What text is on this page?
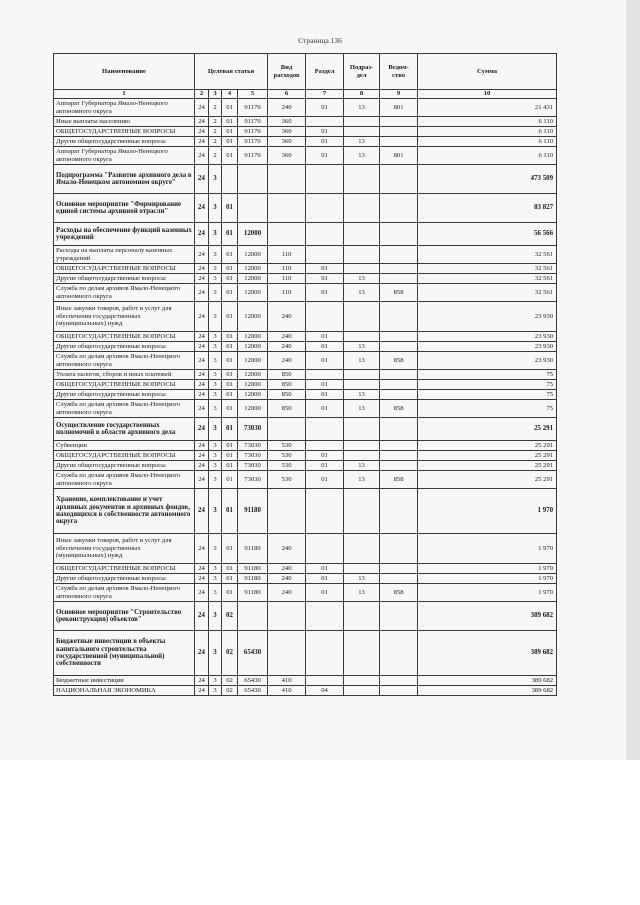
Страница 136
Наименование	Целевая статья				Вид расходов	Раздел	Подраз-дел	Ведом-ство	Сумма
1	2	3	4	5	6	7	8	9	10
Аппарат Губернатора Ямало-Ненецкого автономного округа	24	2	01	91170	240	01	13	801	21 431
Иные выплаты населению	24	2	01	91170	360				6 110
ОБЩЕГОСУДАРСТВЕННЫЕ ВОПРОСЫ	24	2	01	91170	360	01			6 110
Другие общегосударственные вопросы	24	2	01	91170	360	01	13		6 110
Аппарат Губернатора Ямало-Ненецкого автономного округа	24	2	01	91170	360	01	13	801	6 110
Подпрограмма "Развитие архивного дела в Ямало-Ненецком автономном округе"	24	3							473 509
Основное мероприятие "Формирование единой системы архивной отрасли"	24	3	01						83 827
Расходы на обеспечение функций казенных учреждений	24	3	01	12000					56 566
Расходы на выплаты персоналу казенных учреждений	24	3	01	12000	110				32 561
ОБЩЕГОСУДАРСТВЕННЫЕ ВОПРОСЫ	24	3	01	12000	110	01			32 561
Другие общегосударственные вопросы	24	3	01	12000	110	01	13		32 561
Служба по делам архивов Ямало-Ненецкого автономного округа	24	3	01	12000	110	01	13	858	32 561
Иные закупки товаров, работ и услуг для обеспечения государственных (муниципальных) нужд	24	3	01	12000	240				23 930
ОБЩЕГОСУДАРСТВЕННЫЕ ВОПРОСЫ	24	3	01	12000	240	01			23 930
Другие общегосударственные вопросы	24	3	01	12000	240	01	13		23 930
Служба по делам архивов Ямало-Ненецкого автономного округа	24	3	01	12000	240	01	13	858	23 930
Уплата налогов, сборов и иных платежей	24	3	01	12000	850				75
ОБЩЕГОСУДАРСТВЕННЫЕ ВОПРОСЫ	24	3	01	12000	850	01			75
Другие общегосударственные вопросы	24	3	01	12000	850	01	13		75
Служба по делам архивов Ямало-Ненецкого автономного округа	24	3	01	12000	850	01	13	858	75
Осуществление государственных полномочий в области архивного дела	24	3	01	73030					25 291
Субвенции	24	3	01	73030	530				25 291
ОБЩЕГОСУДАРСТВЕННЫЕ ВОПРОСЫ	24	3	01	73030	530	01			25 291
Другие общегосударственные вопросы	24	3	01	73030	530	01	13		25 291
Служба по делам архивов Ямало-Ненецкого автономного округа	24	3	01	73030	530	01	13	858	25 291
Хранение, комплектование и учет архивных документов и архивных фондов, находящихся в собственности автономного округа	24	3	01	91180					1 970
Иные закупки товаров, работ и услуг для обеспечения государственных (муниципальных) нужд	24	3	01	91180	240				1 970
ОБЩЕГОСУДАРСТВЕННЫЕ ВОПРОСЫ	24	3	01	91180	240	01			1 970
Другие общегосударственные вопросы	24	3	01	91180	240	01	13		1 970
Служба по делам архивов Ямало-Ненецкого автономного округа	24	3	01	91180	240	01	13	858	1 970
Основное мероприятие "Строительство (реконструкция) объектов"	24	3	02						389 682
Бюджетные инвестиции в объекты капитального строительства государственной (муниципальной) собственности	24	3	02	65430					389 682
Бюджетные инвестиции	24	3	02	65430	410				389 682
НАЦИОНАЛЬНАЯ ЭКОНОМИКА	24	3	02	65430	410	04			389 682
